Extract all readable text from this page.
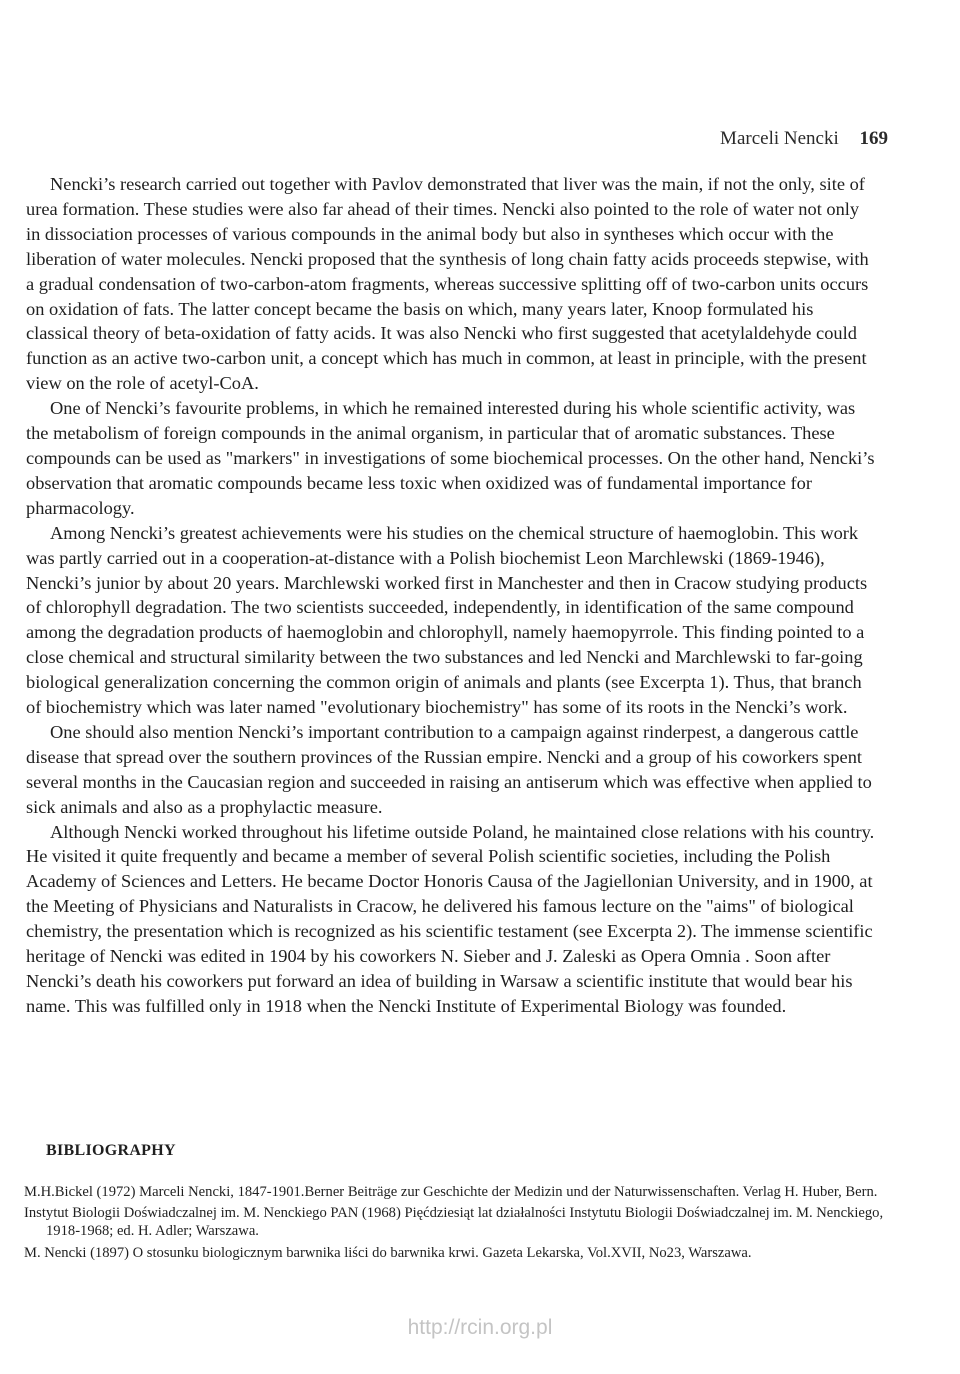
Marceli Nencki 169

Nencki’s research carried out together with Pavlov demonstrated that liver was the main, if not the only, site of urea formation. These studies were also far ahead of their times. Nencki also pointed to the role of water not only in dissociation processes of various compounds in the animal body but also in syntheses which occur with the liberation of water molecules. Nencki proposed that the synthesis of long chain fatty acids proceeds stepwise, with a gradual condensation of two-carbon-atom fragments, whereas successive splitting off of two-carbon units occurs on oxidation of fats. The latter concept became the basis on which, many years later, Knoop formulated his classical theory of beta-oxidation of fatty acids. It was also Nencki who first suggested that acetylaldehyde could function as an active two-carbon unit, a concept which has much in common, at least in principle, with the present view on the role of acetyl-CoA.

One of Nencki’s favourite problems, in which he remained interested during his whole scientific activity, was the metabolism of foreign compounds in the animal organism, in particular that of aromatic substances. These compounds can be used as "markers" in investigations of some biochemical processes. On the other hand, Nencki’s observation that aromatic compounds became less toxic when oxidized was of fundamental importance for pharmacology.

Among Nencki’s greatest achievements were his studies on the chemical structure of haemoglobin. This work was partly carried out in a cooperation-at-distance with a Polish biochemist Leon Marchlewski (1869-1946), Nencki’s junior by about 20 years. Marchlewski worked first in Manchester and then in Cracow studying products of chlorophyll degradation. The two scientists succeeded, independently, in identification of the same compound among the degradation products of haemoglobin and chlorophyll, namely haemopyrrole. This finding pointed to a close chemical and structural similarity between the two substances and led Nencki and Marchlewski to far-going biological generalization concerning the common origin of animals and plants (see Excerpta 1). Thus, that branch of biochemistry which was later named "evolutionary biochemistry" has some of its roots in the Nencki’s work.

One should also mention Nencki’s important contribution to a campaign against rinderpest, a dangerous cattle disease that spread over the southern provinces of the Russian empire. Nencki and a group of his coworkers spent several months in the Caucasian region and succeeded in raising an antiserum which was effective when applied to sick animals and also as a prophylactic measure.

Although Nencki worked throughout his lifetime outside Poland, he maintained close relations with his country. He visited it quite frequently and became a member of several Polish scientific societies, including the Polish Academy of Sciences and Letters. He became Doctor Honoris Causa of the Jagiellonian University, and in 1900, at the Meeting of Physicians and Naturalists in Cracow, he delivered his famous lecture on the "aims" of biological chemistry, the presentation which is recognized as his scientific testament (see Excerpta 2). The immense scientific heritage of Nencki was edited in 1904 by his coworkers N. Sieber and J. Zaleski as Opera Omnia . Soon after Nencki’s death his coworkers put forward an idea of building in Warsaw a scientific institute that would bear his name. This was fulfilled only in 1918 when the Nencki Institute of Experimental Biology was founded.

BIBLIOGRAPHY

M.H.Bickel (1972) Marceli Nencki, 1847-1901.Berner Beiträge zur Geschichte der Medizin und der Naturwissenschaften. Verlag H. Huber, Bern.

Instytut Biologii Doświadczalnej im. M. Nenckiego PAN (1968) Pięćdziesiąt lat działalności Instytutu Biologii Doświadczalnej im. M. Nenckiego, 1918-1968; ed. H. Adler; Warszawa.

M. Nencki (1897) O stosunku biologicznym barwnika liści do barwnika krwi. Gazeta Lekarska, Vol.XVII, No23, Warszawa.

http://rcin.org.pl
